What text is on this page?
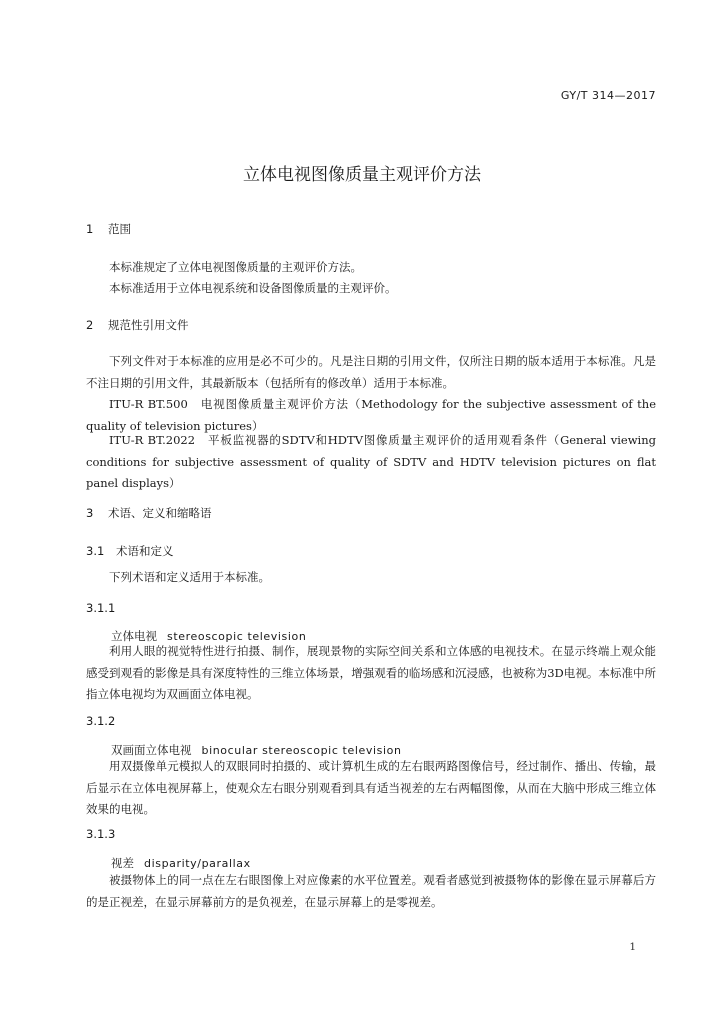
GY/T 314—2017
立体电视图像质量主观评价方法
1 范围

本标准规定了立体电视图像质量的主观评价方法。

本标准适用于立体电视系统和设备图像质量的主观评价。

2 规范性引用文件

下列文件对于本标准的应用是必不可少的。凡是注日期的引用文件，仅所注日期的版本适用于本标准。凡是不注日期的引用文件，其最新版本（包括所有的修改单）适用于本标准。

ITU-R BT.500　电视图像质量主观评价方法（Methodology for the subjective assessment of the quality of television pictures）

ITU-R BT.2022　平板监视器的SDTV和HDTV图像质量主观评价的适用观看条件（General viewing conditions for subjective assessment of quality of SDTV and HDTV television pictures on flat panel displays）

3 术语、定义和缩略语
3.1 术语和定义

下列术语和定义适用于本标准。

3.1.1
立体电视 stereoscopic television

利用人眼的视觉特性进行拍摄、制作，展现景物的实际空间关系和立体感的电视技术。在显示终端上观众能感受到观看的影像是具有深度特性的三维立体场景，增强观看的临场感和沉浸感，也被称为3D电视。本标准中所指立体电视均为双画面立体电视。

3.1.2
双画面立体电视 binocular stereoscopic television

用双摄像单元模拟人的双眼同时拍摄的、或计算机生成的左右眼两路图像信号，经过制作、播出、传输，最后显示在立体电视屏幕上，使观众左右眼分别观看到具有适当视差的左右两幅图像，从而在大脑中形成三维立体效果的电视。

3.1.3
视差 disparity/parallax

被摄物体上的同一点在左右眼图像上对应像素的水平位置差。观看者感觉到被摄物体的影像在显示屏幕后方的是正视差，在显示屏幕前方的是负视差，在显示屏幕上的是零视差。

1
